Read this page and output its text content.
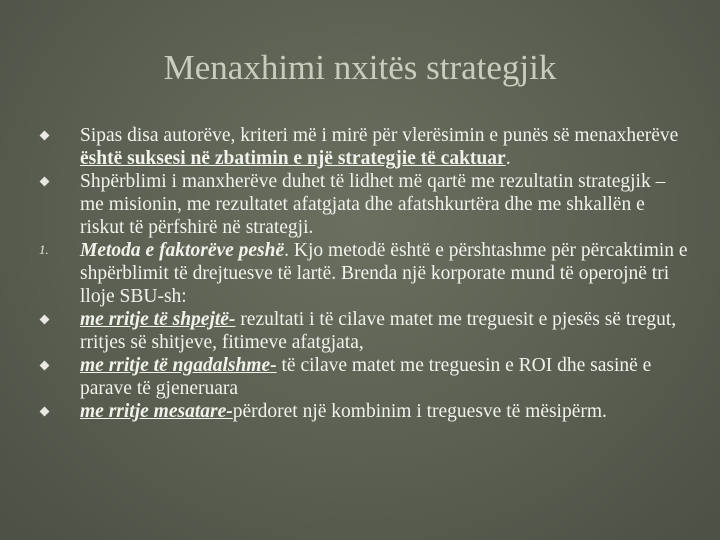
Menaxhimi nxitës strategjik
Sipas disa autorëve, kriteri më i mirë për vlerësimin e punës së menaxherëve është suksesi në zbatimin e një strategjie të caktuar.
Shpërblimi i manxherëve duhet të lidhet më qartë me rezultatin strategjik – me misionin, me rezultatet afatgjata dhe afatshkurtëra dhe me shkallën e riskut të përfshirë në strategji.
1. Metoda e faktorëve peshë. Kjo metodë është e përshtashme për përcaktimin e shpërblimit të drejtuesve të lartë. Brenda një korporate mund të operojnë tri lloje SBU-sh:
me rritje të shpejtë- rezultati i të cilave matet me treguesit e pjesës së tregut, rritjes së shitjeve, fitimeve afatgjata,
me rritje të ngadalshme- të cilave matet me treguesin e ROI dhe sasinë e parave të gjeneruara
me rritje mesatare-përdoret një kombinim i treguesve të mësipërm.
